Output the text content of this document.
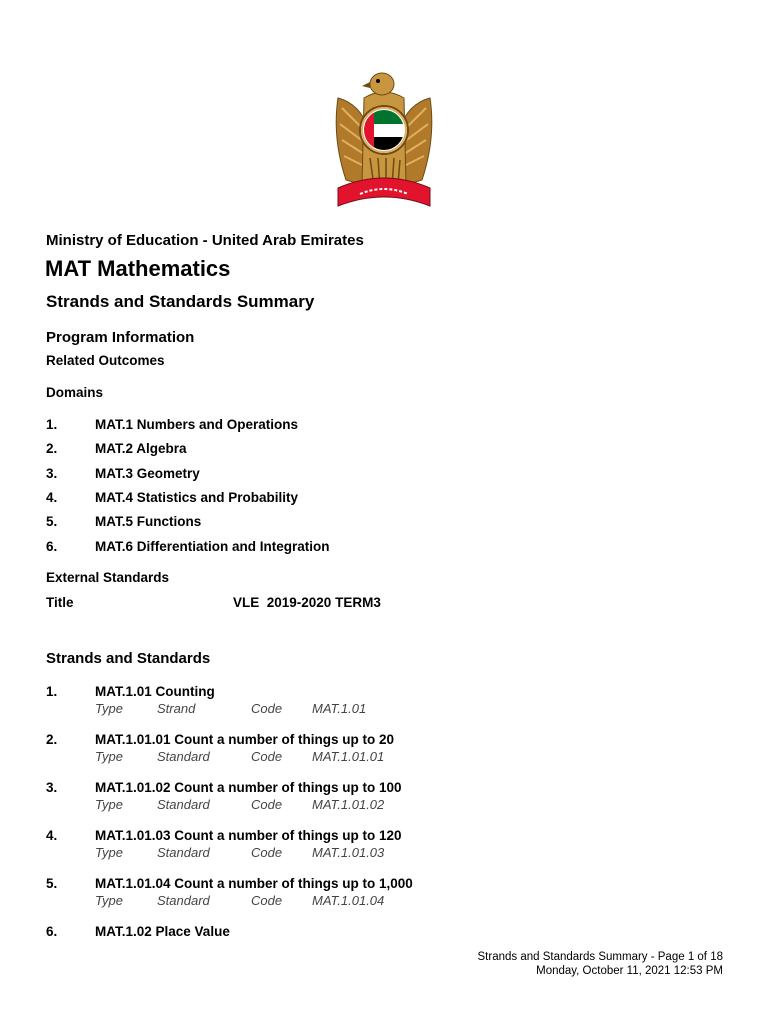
Ministry of Education - United Arab Emirates
MAT Mathematics
Strands and Standards Summary
Program Information
Related Outcomes
Domains
1.	MAT.1 Numbers and Operations
2.	MAT.2 Algebra
3.	MAT.3 Geometry
4.	MAT.4 Statistics and Probability
5.	MAT.5 Functions
6.	MAT.6 Differentiation and Integration
External Standards
Title	VLE  2019-2020 TERM3
Strands and Standards
1.	MAT.1.01 Counting
Type	Strand	Code MAT.1.01
2.	MAT.1.01.01 Count a number of things up to 20
Type	Standard	Code MAT.1.01.01
3.	MAT.1.01.02 Count a number of things up to 100
Type	Standard	Code MAT.1.01.02
4.	MAT.1.01.03 Count a number of things up to 120
Type	Standard	Code MAT.1.01.03
5.	MAT.1.01.04 Count a number of things up to 1,000
Type	Standard	Code MAT.1.01.04
6.	MAT.1.02 Place Value
Strands and Standards Summary - Page 1 of 18
Monday, October 11, 2021 12:53 PM
